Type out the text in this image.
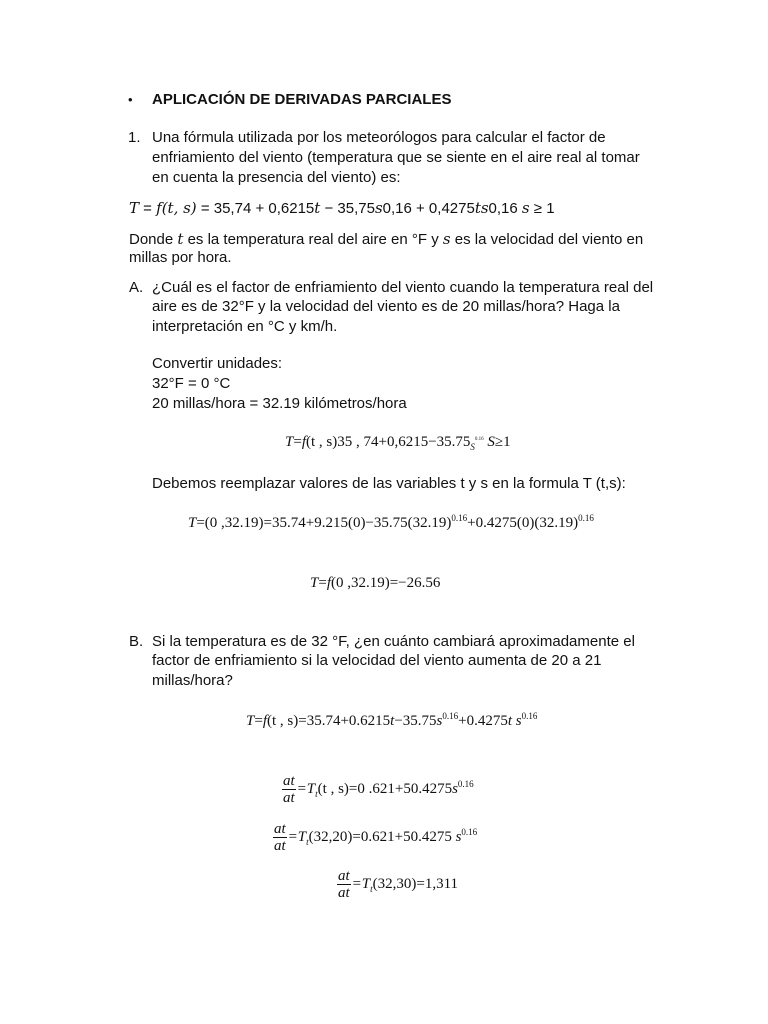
• APLICACIÓN DE DERIVADAS PARCIALES
1. Una fórmula utilizada por los meteorólogos para calcular el factor de
enfriamiento del viento (temperatura que se siente en el aire real al tomar
en cuenta la presencia del viento) es:
T = f(t, s) = 35,74 + 0,6215t − 35,75s0,16 + 0,4275ts0,16 s ≥ 1
Donde t es la temperatura real del aire en °F y s es la velocidad del viento en
millas por hora.
A. ¿Cuál es el factor de enfriamiento del viento cuando la temperatura real del
aire es de 32°F y la velocidad del viento es de 20 millas/hora? Haga la
interpretación en °C y km/h.
Convertir unidades:
32°F = 0 °C
20 millas/hora = 32.19 kilómetros/hora
T=f(t , s)35 , $74+0,6215-35.75_S^{0.16}$ S≥1
Debemos reemplazar valores de las variables t y s en la formula T (t,s):
T=(0 $,32.19)=35.74+9.215(0)-35.75(32.19)^{0.16}+0.4275(0)(32.19)^{0.16}$
T=f(0 ,32.19)=−26.56
B. Si la temperatura es de 32 °F, ¿en cuánto cambiará aproximadamente el
factor de enfriamiento si la velocidad del viento aumenta de 20 a 21
millas/hora?
T=f(t , $s)=35.74+0.6215t-35.75s^{0.16}+0.4275t$ $s^{0.16}$
$\frac{at}{at} =T_t(t$ , s)=0 $.621+50.4275s^{0.16}$
$\frac{at}{at} =T_t(32,20)=0.621+50.4275$ $s^{0.16}$
$\frac{at}{at} =T_t(32,30)=1,311$
